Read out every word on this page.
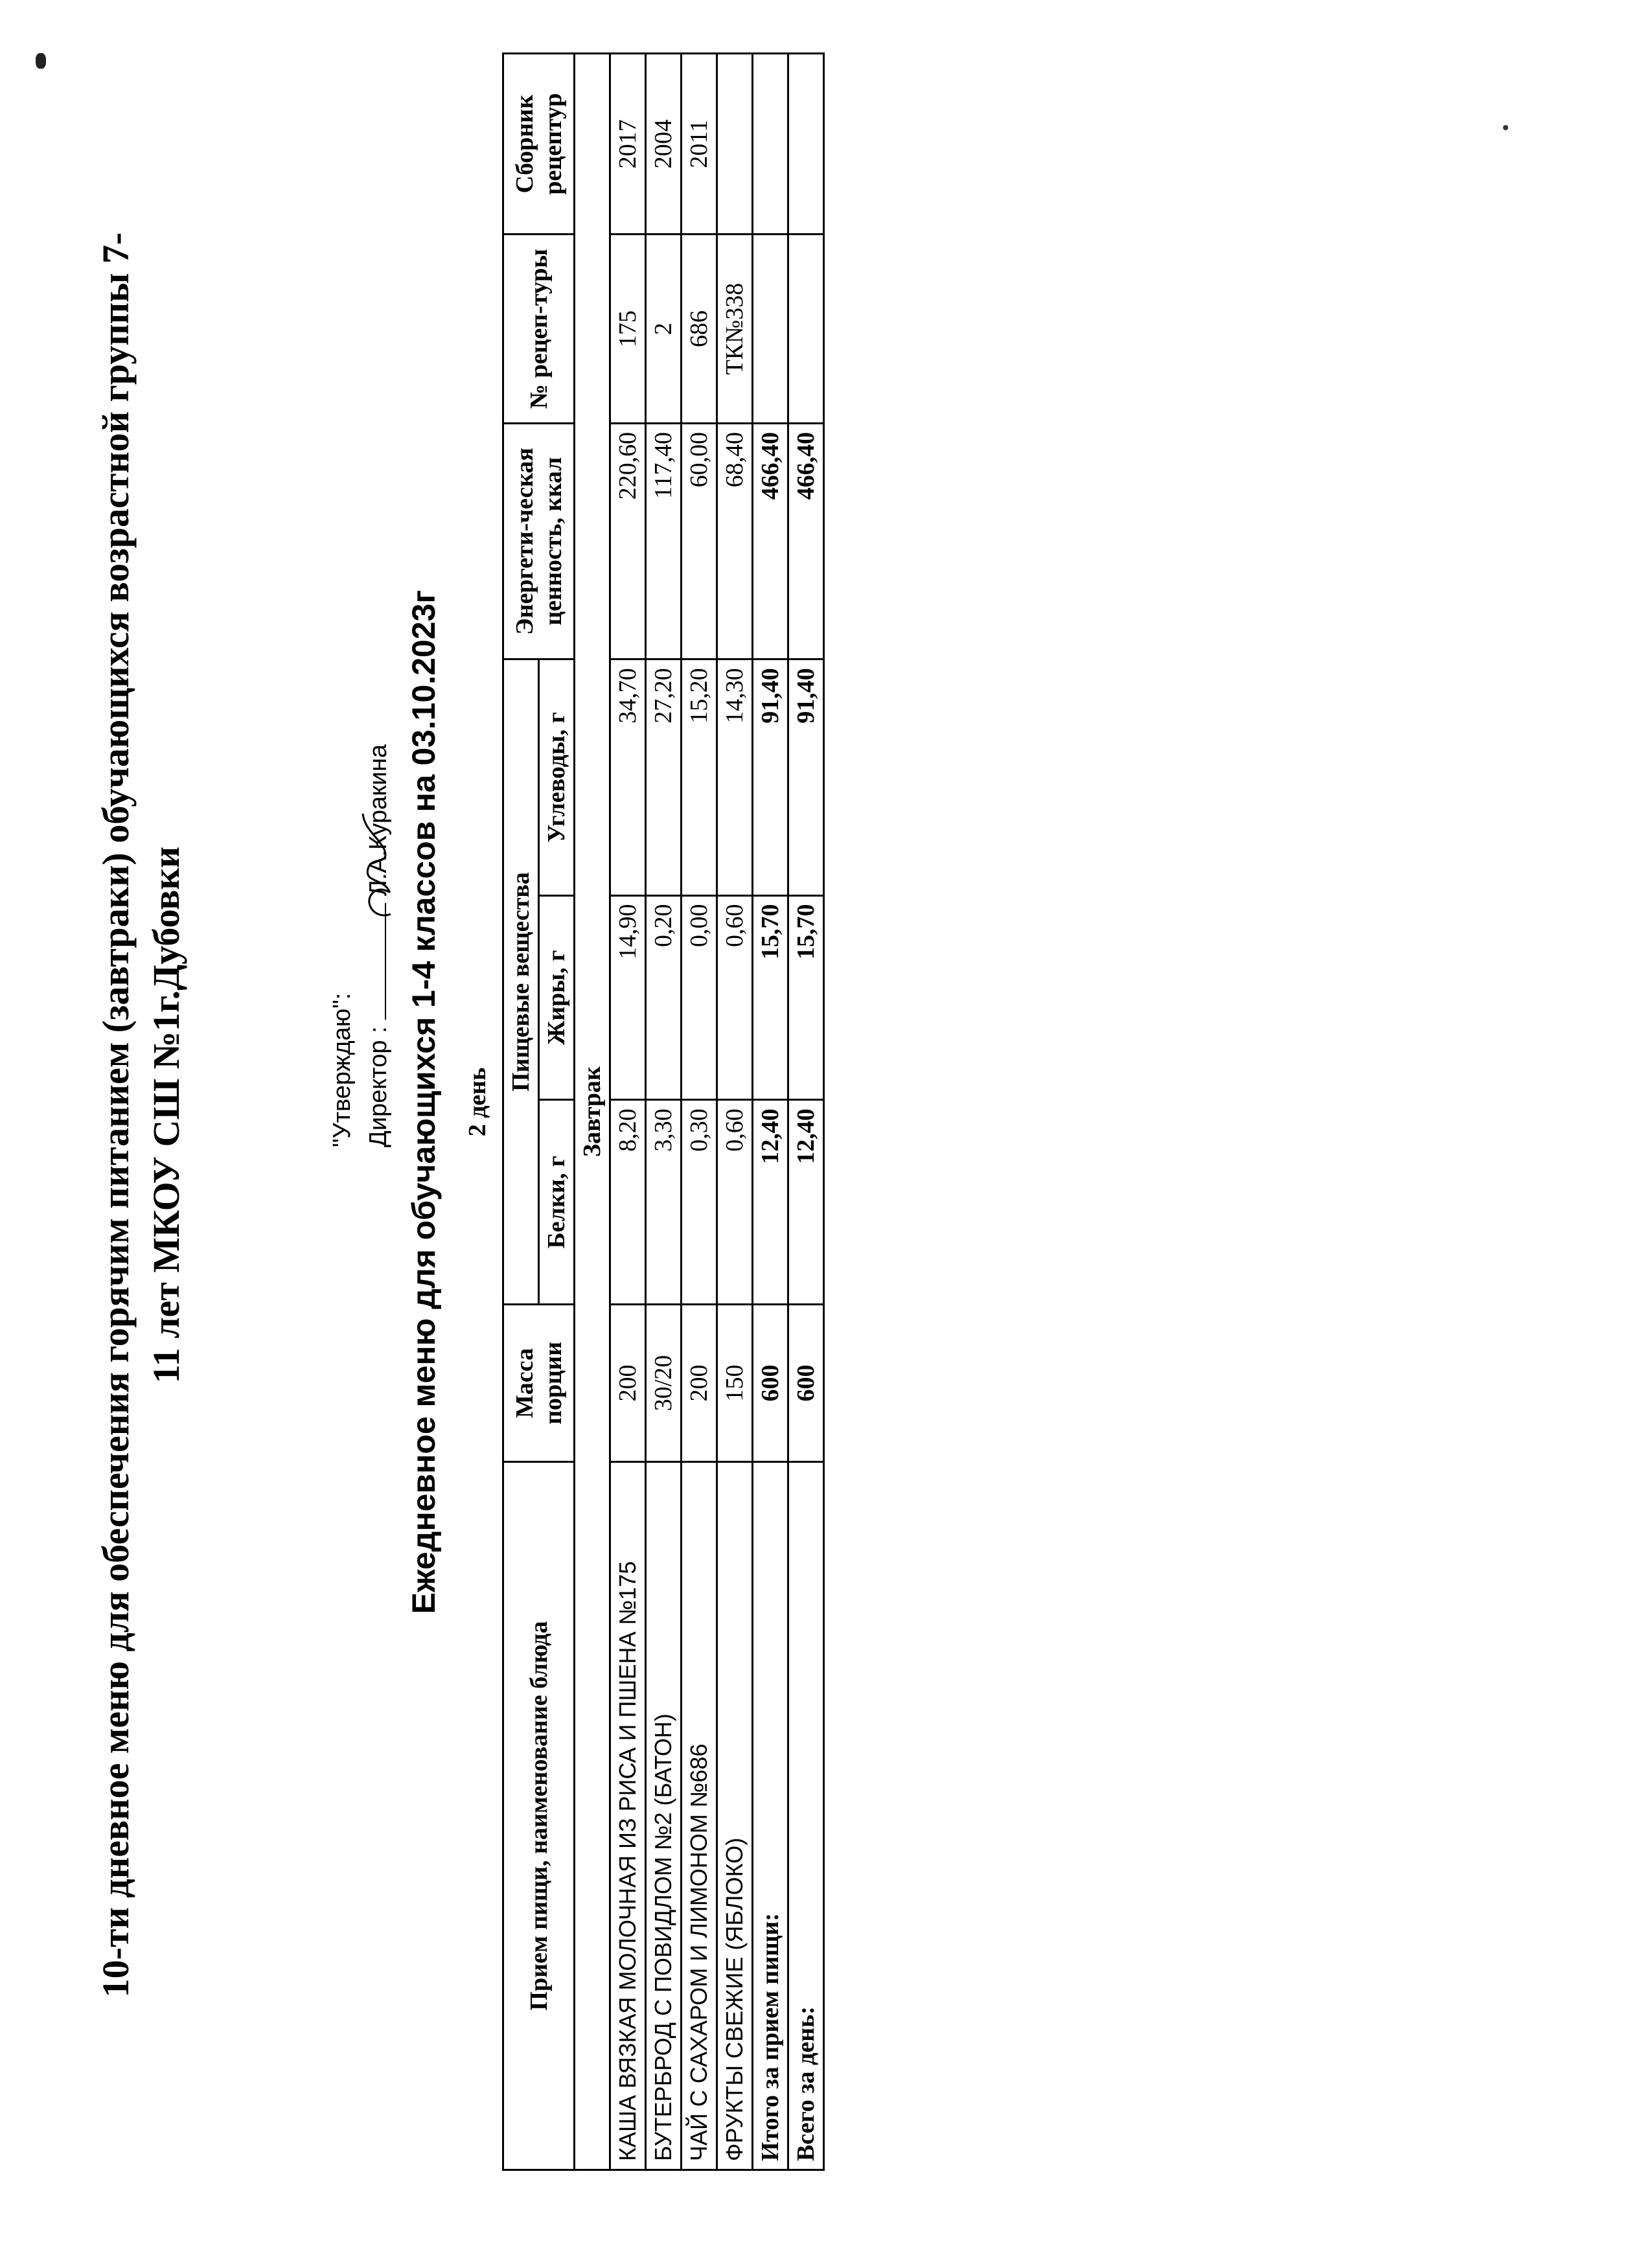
10-ти дневное меню для обеспечения горячим питанием (завтраки) обучающихся возрастной группы 7- 11 лет МКОУ СШ №1г.Дубовки	"Утверждаю": Директор :  Л.А.Куракина Ежедневное меню для обучающихся 1-4 классов на 03.10.2023г 2 день
Прием пищи, наименование блюда	Масса порции	Пищевые вещества			Энергети-ческая ценность, ккал	№ рецеп-туры	Сборник рецептур
		Белки, г	Жиры, г	Углеводы, г			
Завтрак							
КАША ВЯЗКАЯ МОЛОЧНАЯ ИЗ РИСА И ПШЕНА №175	200	8,20	14,90	34,70	220,60	175	2017
БУТЕРБРОД С ПОВИДЛОМ №2 (БАТОН)	30/20	3,30	0,20	27,20	117,40	2	2004
ЧАЙ С САХАРОМ И ЛИМОНОМ №686	200	0,30	0,00	15,20	60,00	686	2011
ФРУКТЫ СВЕЖИЕ (ЯБЛОКО)	150	0,60	0,60	14,30	68,40	ТК№338	
Итого за прием пищи:	600	12,40	15,70	91,40	466,40		
Всего за день:	600	12,40	15,70	91,40	466,40		
